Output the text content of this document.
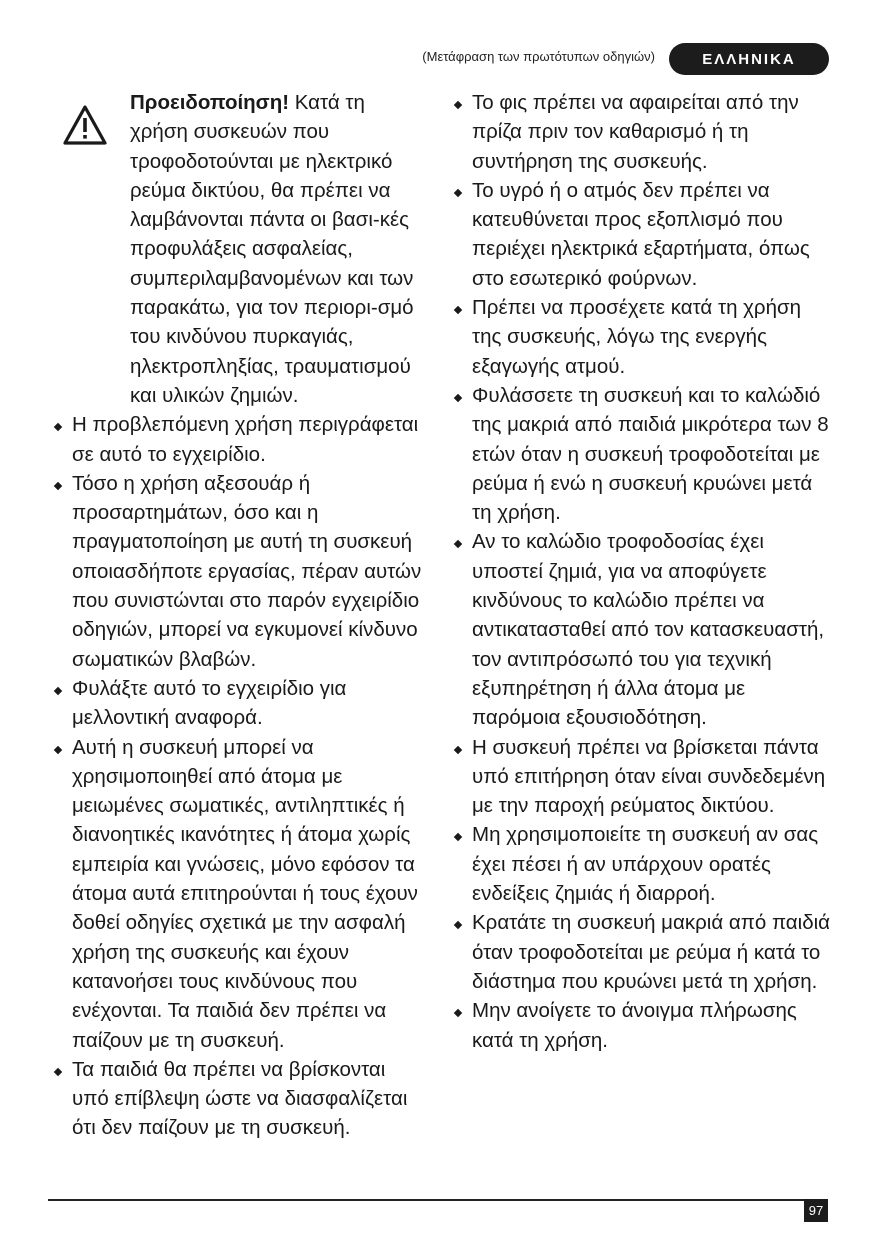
(Μετάφραση των πρωτότυπων οδηγιών)	ΕΛΛΗΝΙΚΑ
Προειδοποίηση! Κατά τη χρήση συσκευών που τροφοδοτούνται με ηλεκτρικό ρεύμα δικτύου, θα πρέπει να λαμβάνονται πάντα οι βασι-κές προφυλάξεις ασφαλείας, συμπεριλαμβανομένων και των παρακάτω, για τον περιορι-σμό του κινδύνου πυρκαγιάς, ηλεκτροπληξίας, τραυματισμού και υλικών ζημιών.
Η προβλεπόμενη χρήση περιγράφεται σε αυτό το εγχειρίδιο.
Τόσο η χρήση αξεσουάρ ή προσαρτημάτων, όσο και η πραγματοποίηση με αυτή τη συσκευή οποιασδήποτε εργασίας, πέραν αυτών που συνιστώνται στο παρόν εγχειρίδιο οδηγιών, μπορεί να εγκυμονεί κίνδυνο σωματικών βλαβών.
Φυλάξτε αυτό το εγχειρίδιο για μελλοντική αναφορά.
Αυτή η συσκευή μπορεί να χρησιμοποιηθεί από άτομα με μειωμένες σωματικές, αντιληπτικές ή διανοητικές ικανότητες ή άτομα χωρίς εμπειρία και γνώσεις, μόνο εφόσον τα άτομα αυτά επιτηρούνται ή τους έχουν δοθεί οδηγίες σχετικά με την ασφαλή χρήση της συσκευής και έχουν κατανοήσει τους κινδύνους που ενέχονται. Τα παιδιά δεν πρέπει να παίζουν με τη συσκευή.
Τα παιδιά θα πρέπει να βρίσκονται υπό επίβλεψη ώστε να διασφαλίζεται ότι δεν παίζουν με τη συσκευή.
Το φις πρέπει να αφαιρείται από την πρίζα πριν τον καθαρισμό ή τη συντήρηση της συσκευής.
Το υγρό ή ο ατμός δεν πρέπει να κατευθύνεται προς εξοπλισμό που περιέχει ηλεκτρικά εξαρτήματα, όπως στο εσωτερικό φούρνων.
Πρέπει να προσέχετε κατά τη χρήση της συσκευής, λόγω της ενεργής εξαγωγής ατμού.
Φυλάσσετε τη συσκευή και το καλώδιό της μακριά από παιδιά μικρότερα των 8 ετών όταν η συσκευή τροφοδοτείται με ρεύμα ή ενώ η συσκευή κρυώνει μετά τη χρήση.
Αν το καλώδιο τροφοδοσίας έχει υποστεί ζημιά, για να αποφύγετε κινδύνους το καλώδιο πρέπει να αντικατασταθεί από τον κατασκευαστή, τον αντιπρόσωπό του για τεχνική εξυπηρέτηση ή άλλα άτομα με παρόμοια εξουσιοδότηση.
Η συσκευή πρέπει να βρίσκεται πάντα υπό επιτήρηση όταν είναι συνδεδεμένη με την παροχή ρεύματος δικτύου.
Μη χρησιμοποιείτε τη συσκευή αν σας έχει πέσει ή αν υπάρχουν ορατές ενδείξεις ζημιάς ή διαρροή.
Κρατάτε τη συσκευή μακριά από παιδιά όταν τροφοδοτείται με ρεύμα ή κατά το διάστημα που κρυώνει μετά τη χρήση.
Μην ανοίγετε το άνοιγμα πλήρωσης κατά τη χρήση.
97
